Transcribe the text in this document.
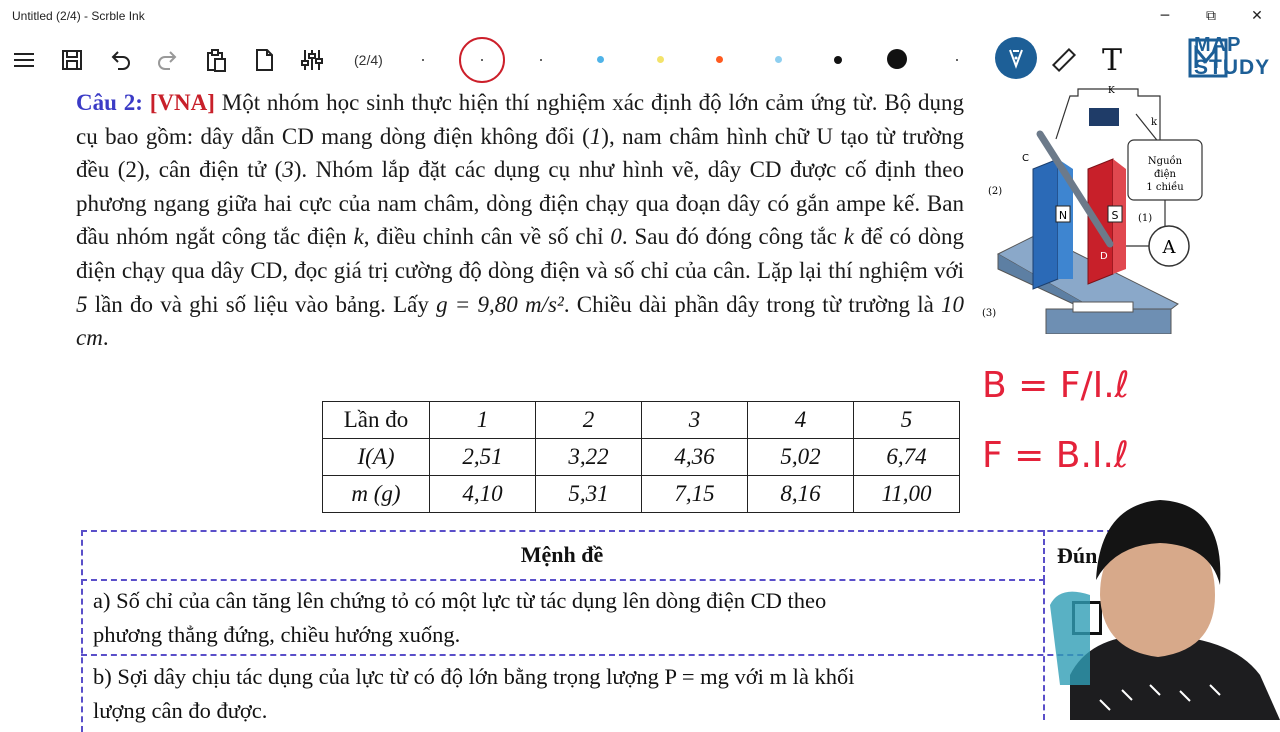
Untitled (2/4) - Scrble Ink	─	⧉	✕
(2/4)	T	MAP
STUDY
Câu 2: [VNA] Một nhóm học sinh thực hiện thí nghiệm xác định độ lớn cảm ứng từ. Bộ dụng cụ bao gồm: dây dẫn CD mang dòng điện không đổi (1), nam châm hình chữ U tạo từ trường đều (2), cân điện tử (3). Nhóm lắp đặt các dụng cụ như hình vẽ, dây CD được cố định theo phương ngang giữa hai cực của nam châm, dòng điện chạy qua đoạn dây có gắn ampe kế. Ban đầu nhóm ngắt công tắc điện k, điều chỉnh cân về số chỉ 0. Sau đó đóng công tắc k để có dòng điện chạy qua dây CD, đọc giá trị cường độ dòng điện và số chỉ của cân. Lặp lại thí nghiệm với 5 lần đo và ghi số liệu vào bảng. Lấy g = 9,80 m/s². Chiều dài phần dây trong từ trường là 10 cm.
K
k
Nguồn
điện
1 chiều
A
N	S
C
D
(1)
(2)
(3)
B = F/I.ℓ
F = B.I.ℓ
Lần đo	1	2	3	4	5
I(A)	2,51	3,22	4,36	5,02	6,74
m (g)	4,10	5,31	7,15	8,16	11,00
Mệnh đề	Đún
a) Số chỉ của cân tăng lên chứng tỏ có một lực từ tác dụng lên dòng điện CD theo
phương thẳng đứng, chiều hướng xuống.
b) Sợi dây chịu tác dụng của lực từ có độ lớn bằng trọng lượng P = mg với m là khối
lượng cân đo được.
